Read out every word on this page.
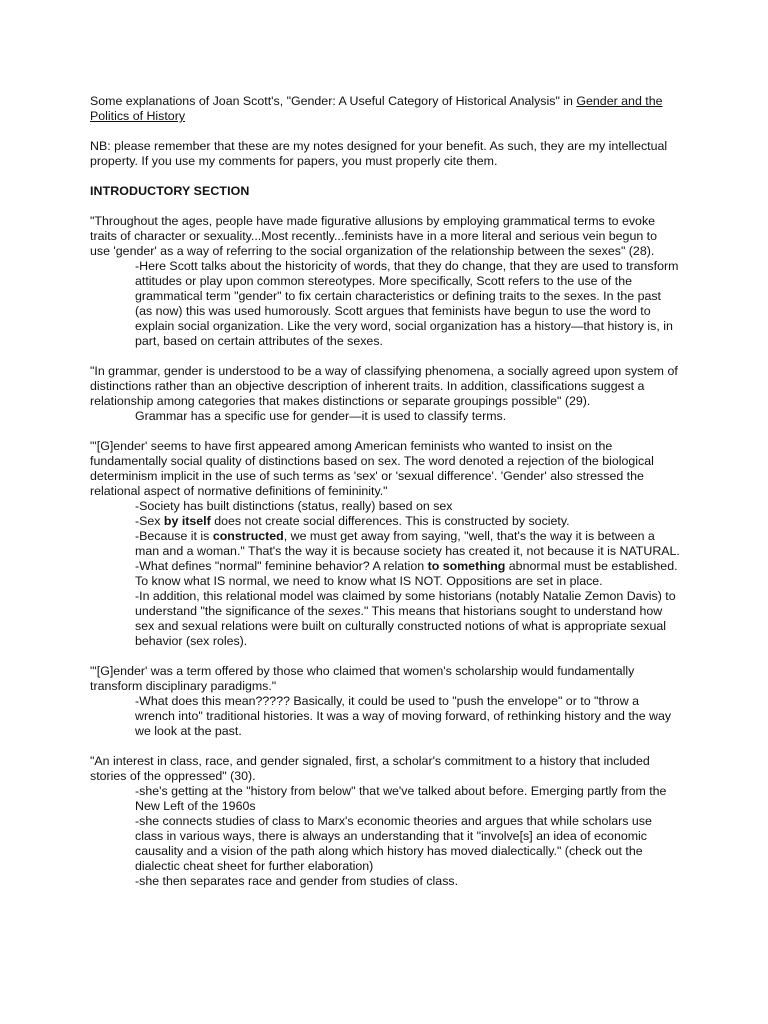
Some explanations of Joan Scott's, "Gender: A Useful Category of Historical Analysis" in Gender and the Politics of History

NB: please remember that these are my notes designed for your benefit. As such, they are my intellectual property. If you use my comments for papers, you must properly cite them.

INTRODUCTORY SECTION

"Throughout the ages, people have made figurative allusions by employing grammatical terms to evoke traits of character or sexuality...Most recently...feminists have in a more literal and serious vein begun to use 'gender' as a way of referring to the social organization of the relationship between the sexes" (28).

-Here Scott talks about the historicity of words, that they do change, that they are used to transform attitudes or play upon common stereotypes. More specifically, Scott refers to the use of the grammatical term "gender" to fix certain characteristics or defining traits to the sexes. In the past (as now) this was used humorously. Scott argues that feminists have begun to use the word to explain social organization. Like the very word, social organization has a history—that history is, in part, based on certain attributes of the sexes.

"In grammar, gender is understood to be a way of classifying phenomena, a socially agreed upon system of distinctions rather than an objective description of inherent traits. In addition, classifications suggest a relationship among categories that makes distinctions or separate groupings possible" (29).

Grammar has a specific use for gender—it is used to classify terms.

"'[G]ender' seems to have first appeared among American feminists who wanted to insist on the fundamentally social quality of distinctions based on sex. The word denoted a rejection of the biological determinism implicit in the use of such terms as 'sex' or 'sexual difference'. 'Gender' also stressed the relational aspect of normative definitions of femininity."

-Society has built distinctions (status, really) based on sex

-Sex by itself does not create social differences. This is constructed by society.

-Because it is constructed, we must get away from saying, "well, that's the way it is between a man and a woman." That's the way it is because society has created it, not because it is NATURAL.

-What defines "normal" feminine behavior? A relation to something abnormal must be established. To know what IS normal, we need to know what IS NOT. Oppositions are set in place.

-In addition, this relational model was claimed by some historians (notably Natalie Zemon Davis) to understand "the significance of the sexes." This means that historians sought to understand how sex and sexual relations were built on culturally constructed notions of what is appropriate sexual behavior (sex roles).

"'[G]ender' was a term offered by those who claimed that women's scholarship would fundamentally transform disciplinary paradigms."

-What does this mean????? Basically, it could be used to "push the envelope" or to "throw a wrench into" traditional histories. It was a way of moving forward, of rethinking history and the way we look at the past.

"An interest in class, race, and gender signaled, first, a scholar's commitment to a history that included stories of the oppressed" (30).

-she's getting at the "history from below" that we've talked about before. Emerging partly from the New Left of the 1960s

-she connects studies of class to Marx's economic theories and argues that while scholars use class in various ways, there is always an understanding that it "involve[s] an idea of economic causality and a vision of the path along which history has moved dialectically." (check out the dialectic cheat sheet for further elaboration)

-she then separates race and gender from studies of class.
